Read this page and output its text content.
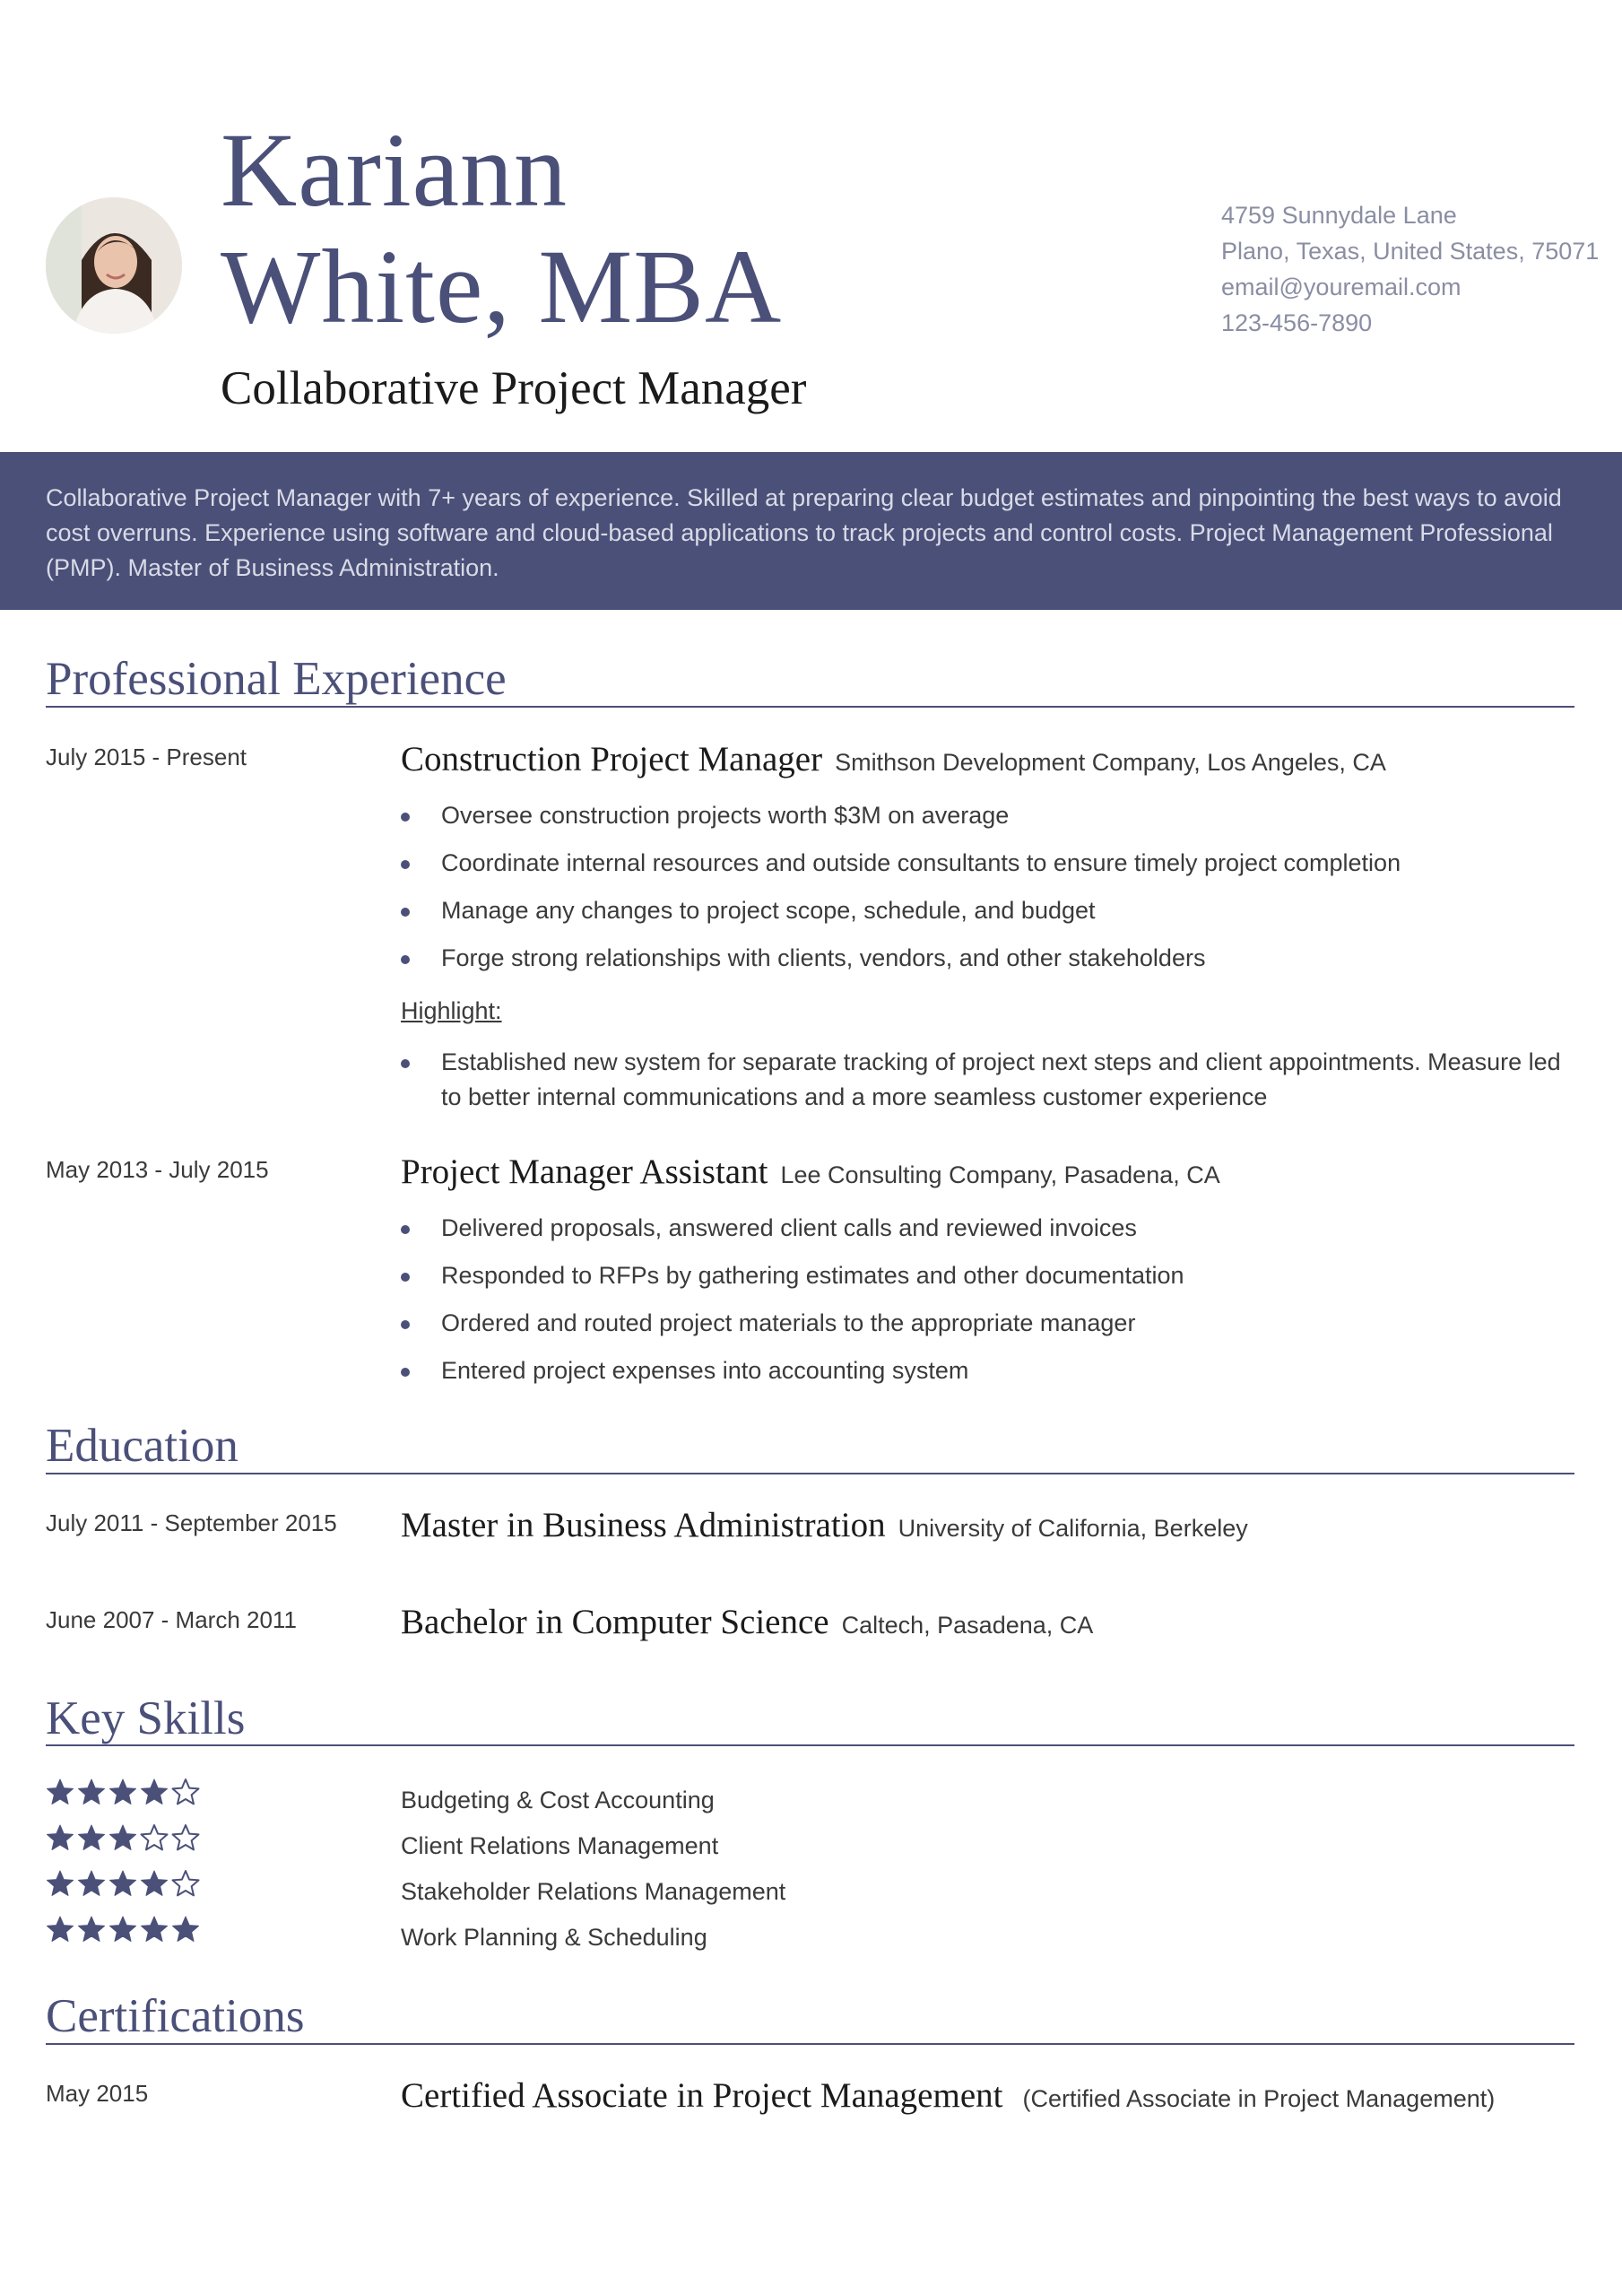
Kariann
White, MBA
Collaborative Project Manager
4759 Sunnydale Lane
Plano, Texas, United States, 75071
email@youremail.com
123-456-7890

Collaborative Project Manager with 7+ years of experience. Skilled at preparing clear budget estimates and pinpointing the best ways to avoid cost overruns. Experience using software and cloud-based applications to track projects and control costs. Project Management Professional (PMP). Master of Business Administration.

Professional Experience
July 2015 - Present	Construction Project Manager Smithson Development Company, Los Angeles, CA
Oversee construction projects worth $3M on average
Coordinate internal resources and outside consultants to ensure timely project completion
Manage any changes to project scope, schedule, and budget
Forge strong relationships with clients, vendors, and other stakeholders
Highlight:
Established new system for separate tracking of project next steps and client appointments. Measure led to better internal communications and a more seamless customer experience
May 2013 - July 2015	Project Manager Assistant Lee Consulting Company, Pasadena, CA
Delivered proposals, answered client calls and reviewed invoices
Responded to RFPs by gathering estimates and other documentation
Ordered and routed project materials to the appropriate manager
Entered project expenses into accounting system
Education
July 2011 - September 2015 Master in Business Administration University of California, Berkeley
June 2007 - March 2011	Bachelor in Computer Science Caltech, Pasadena, CA
Key Skills
Budgeting & Cost Accounting
Client Relations Management
Stakeholder Relations Management
Work Planning & Scheduling
Certifications
May 2015	Certified Associate in Project Management (Certified Associate in Project Management)
